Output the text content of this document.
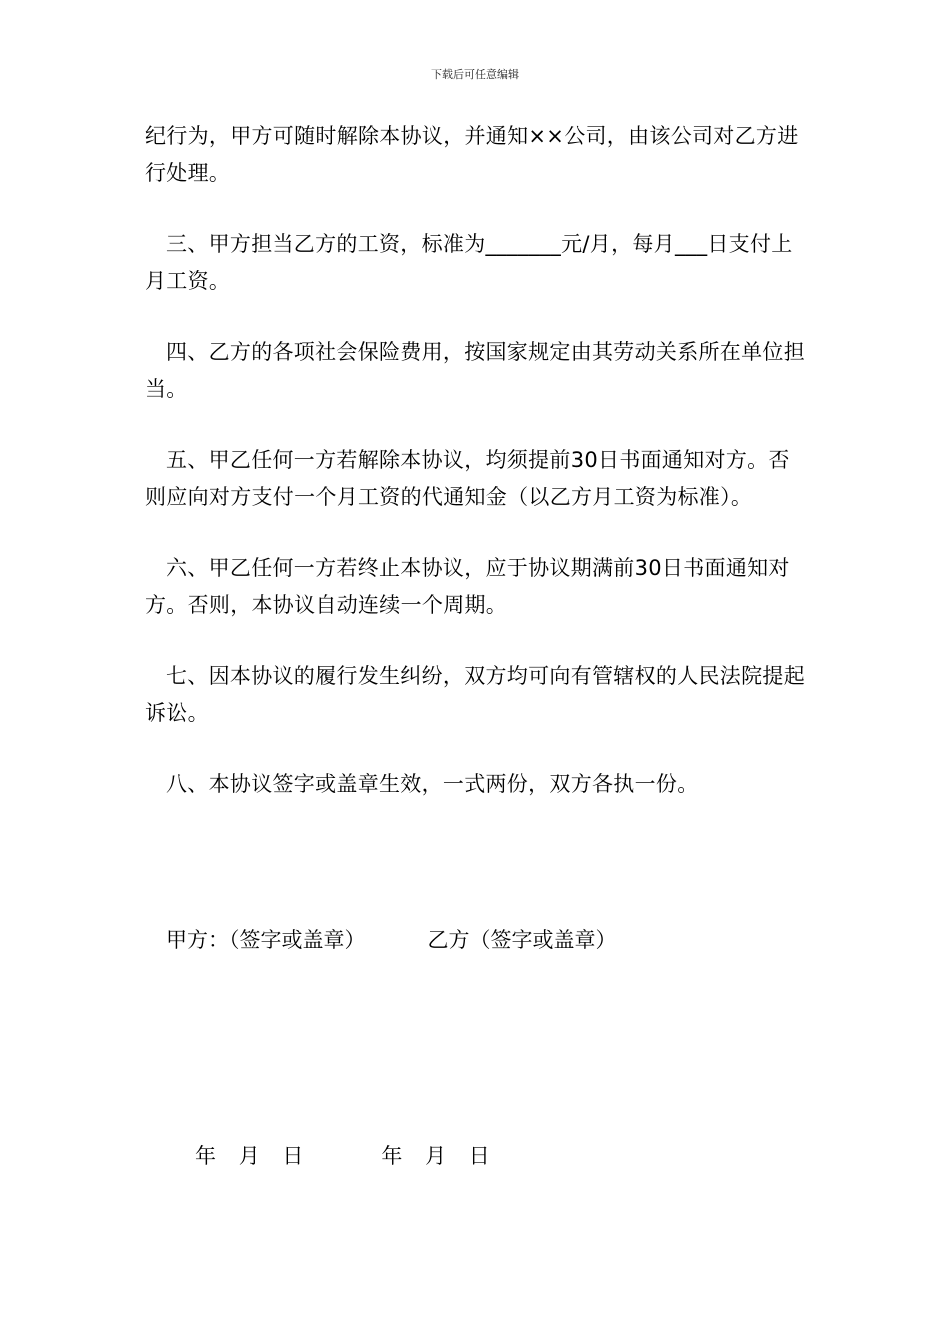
下载后可任意编辑

纪行为，甲方可随时解除本协议，并通知××公司，由该公司对乙方进行处理。

三、甲方担当乙方的工资，标准为_______元/月，每月___日支付上月工资。

四、乙方的各项社会保险费用，按国家规定由其劳动关系所在单位担当。

五、甲乙任何一方若解除本协议，均须提前30日书面通知对方。否则应向对方支付一个月工资的代通知金（以乙方月工资为标准）。

六、甲乙任何一方若终止本协议，应于协议期满前30日书面通知对方。否则，本协议自动连续一个周期。

七、因本协议的履行发生纠纷，双方均可向有管辖权的人民法院提起诉讼。

八、本协议签字或盖章生效，一式两份，双方各执一份。

甲方：（签字或盖章）	乙方（签字或盖章）
年 月 日	年 月 日
